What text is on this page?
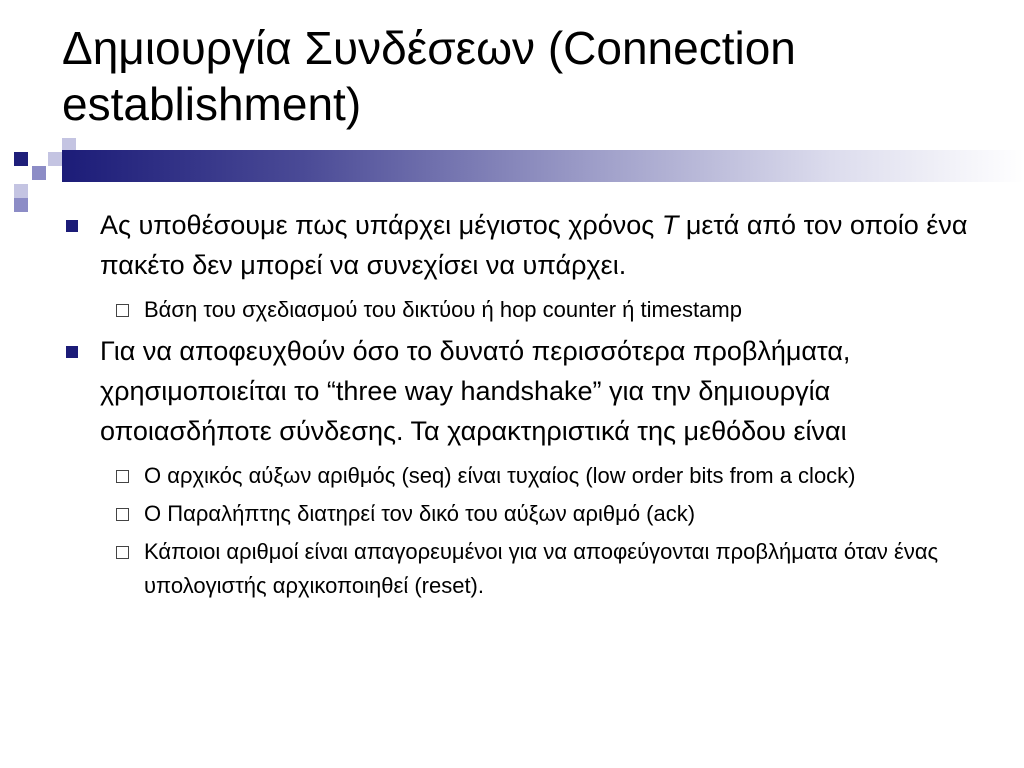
Δημιουργία Συνδέσεων (Connection
establishment)
Ας υποθέσουμε πως υπάρχει μέγιστος χρόνος T μετά από τον οποίο ένα πακέτο δεν μπορεί να συνεχίσει να υπάρχει.
Βάση του σχεδιασμού του δικτύου ή hop counter ή timestamp
Για να αποφευχθούν όσο το δυνατό περισσότερα προβλήματα, χρησιμοποιείται το “three way handshake” για την δημιουργία οποιασδήποτε σύνδεσης. Τα χαρακτηριστικά της μεθόδου είναι
Ο αρχικός αύξων αριθμός (seq) είναι τυχαίος (low order bits from a clock)
Ο Παραλήπτης διατηρεί τον δικό του αύξων αριθμό (ack)
Κάποιοι αριθμοί είναι απαγορευμένοι για να αποφεύγονται προβλήματα όταν ένας υπολογιστής αρχικοποιηθεί (reset).
